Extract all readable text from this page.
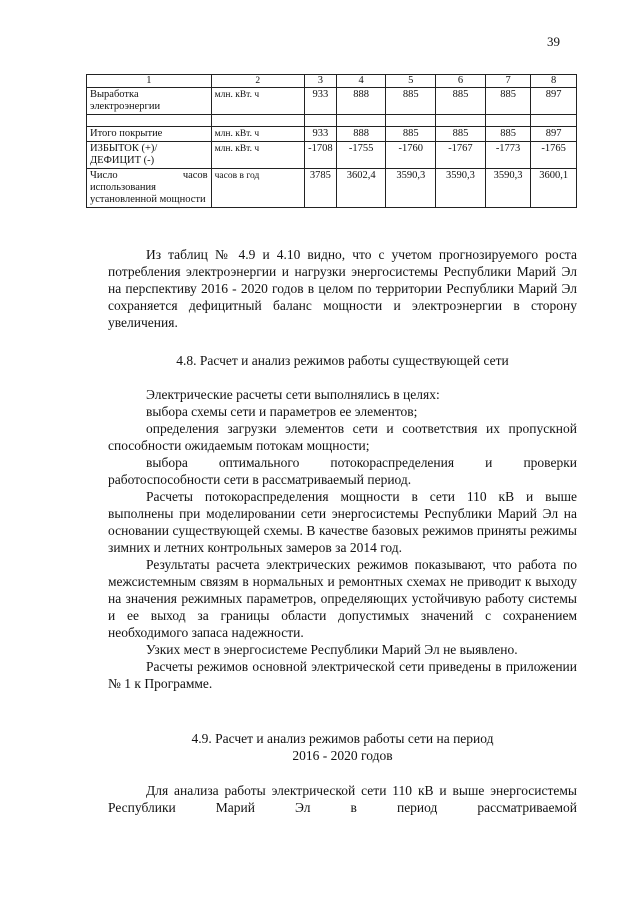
39
1	2	3	4	5	6	7	8
Выработка электроэнергии	млн. кВт. ч	933	888	885	885	885	897

Итого покрытие	млн. кВт. ч	933	888	885	885	885	897
ИЗБЫТОК (+)/ ДЕФИЦИТ (-)	млн. кВт. ч	-1708	-1755	-1760	-1767	-1773	-1765
Число часов использования установленной мощности	часов в год	3785	3602,4	3590,3	3590,3	3590,3	3600,1

Из таблиц № 4.9 и 4.10 видно, что с учетом прогнозируемого роста потребления электроэнергии и нагрузки энергосистемы Республики Марий Эл на перспективу 2016 - 2020 годов в целом по территории Республики Марий Эл сохраняется дефицитный баланс мощности и электроэнергии в сторону увеличения.

4.8. Расчет и анализ режимов работы существующей сети

Электрические расчеты сети выполнялись в целях:

выбора схемы сети и параметров ее элементов;

определения загрузки элементов сети и соответствия их пропускной способности ожидаемым потокам мощности;

выбора оптимального потокораспределения и проверки работоспособности сети в рассматриваемый период.

Расчеты потокораспределения мощности в сети 110 кВ и выше выполнены при моделировании сети энергосистемы Республики Марий Эл на основании существующей схемы. В качестве базовых режимов приняты режимы зимних и летних контрольных замеров за 2014 год.

Результаты расчета электрических режимов показывают, что работа по межсистемным связям в нормальных и ремонтных схемах не приводит к выходу на значения режимных параметров, определяющих устойчивую работу системы и ее выход за границы области допустимых значений с сохранением необходимого запаса надежности.

Узких мест в энергосистеме Республики Марий Эл не выявлено.

Расчеты режимов основной электрической сети приведены в приложении № 1 к Программе.

4.9. Расчет и анализ режимов работы сети на период
2016 - 2020 годов

Для анализа работы электрической сети 110 кВ и выше энергосистемы Республики Марий Эл в период рассматриваемой
